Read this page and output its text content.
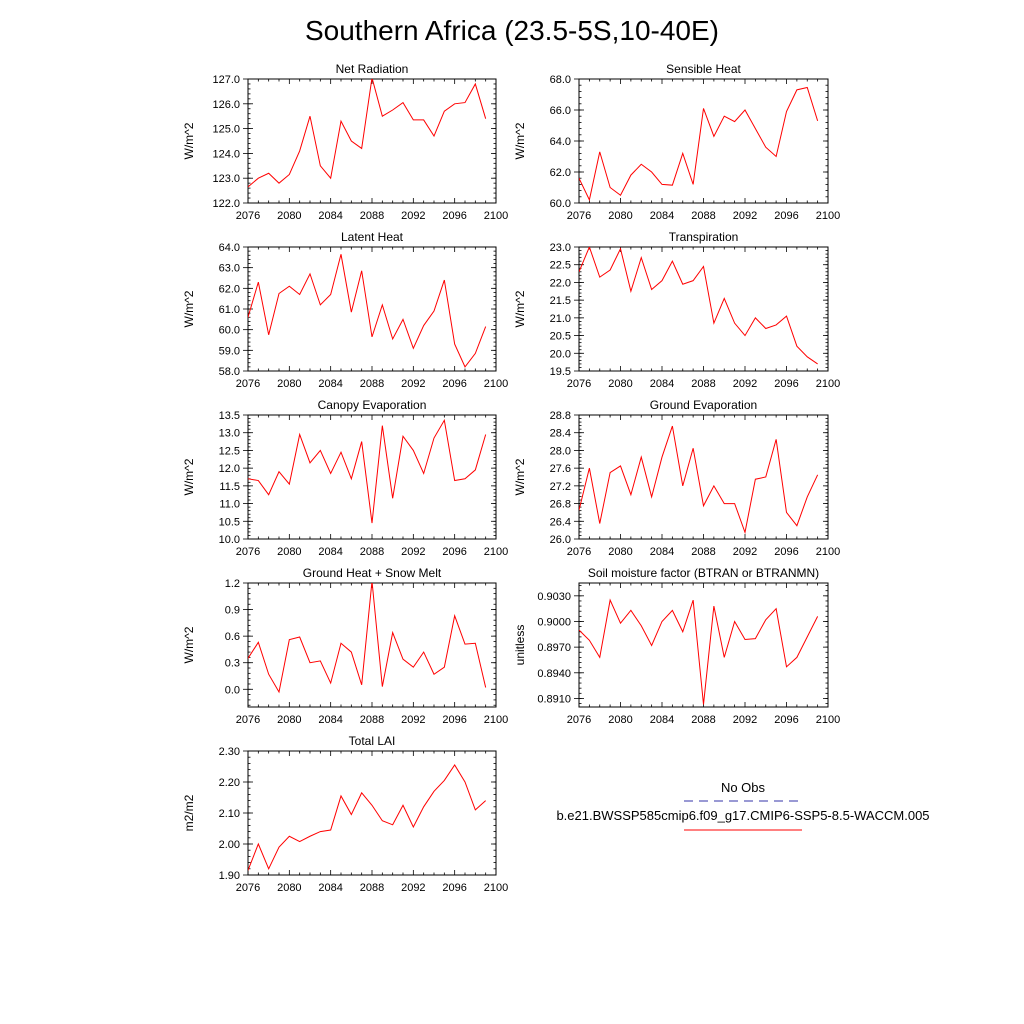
Southern Africa (23.5-5S,10-40E)
Net Radiation
2076 2080 2084 2088 2092 2096 2100
122.0
123.0
124.0
125.0
126.0
127.0
W/m^2
Sensible Heat
2076 2080 2084 2088 2092 2096 2100
60.0
62.0
64.0
66.0
68.0
W/m^2
Latent Heat
2076 2080 2084 2088 2092 2096 2100
58.0
59.0
60.0
61.0
62.0
63.0
64.0
W/m^2
Transpiration
2076 2080 2084 2088 2092 2096 2100
19.5
20.0
20.5
21.0
21.5
22.0
22.5
23.0
W/m^2
Canopy Evaporation
2076 2080 2084 2088 2092 2096 2100
10.0
10.5
11.0
11.5
12.0
12.5
13.0
13.5
W/m^2
Ground Evaporation
2076 2080 2084 2088 2092 2096 2100
26.0
26.4
26.8
27.2
27.6
28.0
28.4
28.8
W/m^2
Ground Heat + Snow Melt
2076 2080 2084 2088 2092 2096 2100
0.0
0.3
0.6
0.9
1.2
W/m^2
Soil moisture factor (BTRAN or BTRANMN)
2076 2080 2084 2088 2092 2096 2100
0.8910
0.8940
0.8970
0.9000
0.9030
unitless
Total LAI
2076 2080 2084 2088 2092 2096 2100
1.90
2.00
2.10
2.20
2.30
m2/m2
No Obs
b.e21.BWSSP585cmip6.f09_g17.CMIP6-SSP5-8.5-WACCM.005
